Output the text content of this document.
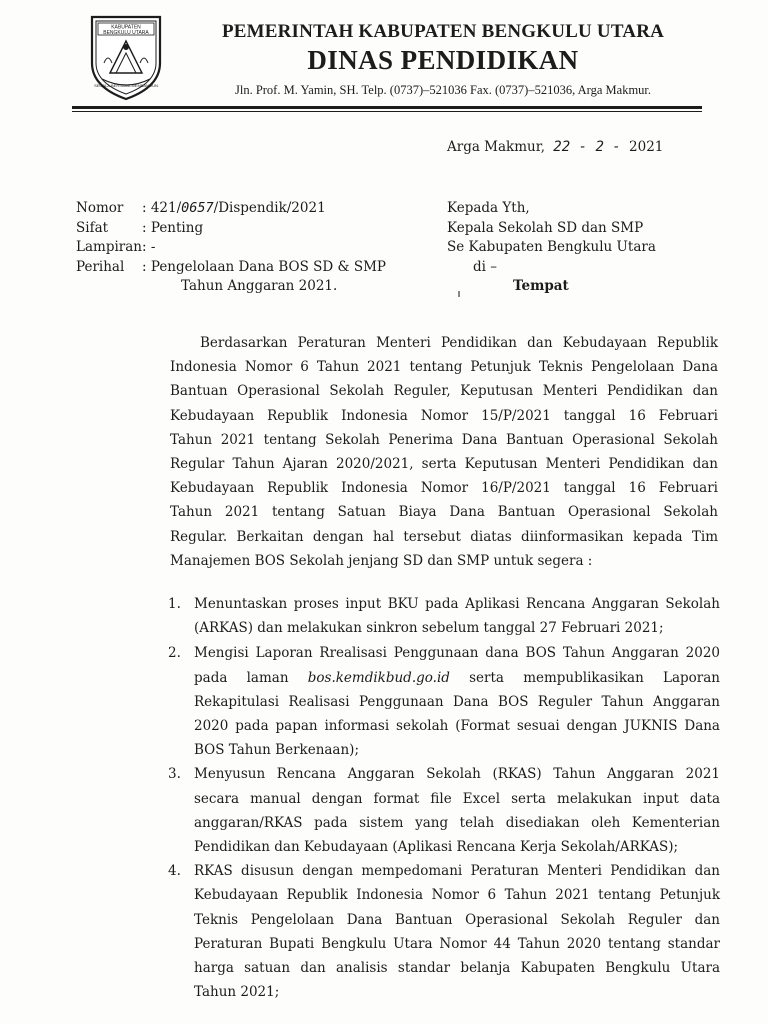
KABUPATEN
BENGKULU UTARA
SEGALA BERSAMA MEMBANGUN
PEMERINTAH KABUPATEN BENGKULU UTARA
DINAS PENDIDIKAN
Jln. Prof. M. Yamin, SH. Telp. (0737)–521036 Fax. (0737)–521036, Arga Makmur.
Arga Makmur, 22 - 2 - 2021
Nomor	: 421/0657/Dispendik/2021
Sifat	: Penting
Lampiran : -
Perihal	: Pengelolaan Dana BOS SD & SMP
Tahun Anggaran 2021.
Kepada Yth,
Kepala Sekolah SD dan SMP
Se Kabupaten Bengkulu Utara
di –
Tempat
Berdasarkan Peraturan Menteri Pendidikan dan Kebudayaan Republik
Indonesia Nomor 6 Tahun 2021 tentang Petunjuk Teknis Pengelolaan Dana
Bantuan Operasional Sekolah Reguler, Keputusan Menteri Pendidikan dan
Kebudayaan Republik Indonesia Nomor 15/P/2021 tanggal 16 Februari
Tahun 2021 tentang Sekolah Penerima Dana Bantuan Operasional Sekolah
Regular Tahun Ajaran 2020/2021, serta Keputusan Menteri Pendidikan dan
Kebudayaan Republik Indonesia Nomor 16/P/2021 tanggal 16 Februari
Tahun 2021 tentang Satuan Biaya Dana Bantuan Operasional Sekolah
Regular. Berkaitan dengan hal tersebut diatas diinformasikan kepada Tim
Manajemen BOS Sekolah jenjang SD dan SMP untuk segera :
1. Menuntaskan proses input BKU pada Aplikasi Rencana Anggaran Sekolah
(ARKAS) dan melakukan sinkron sebelum tanggal 27 Februari 2021;
2. Mengisi Laporan Rrealisasi Penggunaan dana BOS Tahun Anggaran 2020
pada laman bos.kemdikbud.go.id serta mempublikasikan Laporan
Rekapitulasi Realisasi Penggunaan Dana BOS Reguler Tahun Anggaran
2020 pada papan informasi sekolah (Format sesuai dengan JUKNIS Dana
BOS Tahun Berkenaan);
3. Menyusun Rencana Anggaran Sekolah (RKAS) Tahun Anggaran 2021
secara manual dengan format file Excel serta melakukan input data
anggaran/RKAS pada sistem yang telah disediakan oleh Kementerian
Pendidikan dan Kebudayaan (Aplikasi Rencana Kerja Sekolah/ARKAS);
4. RKAS disusun dengan mempedomani Peraturan Menteri Pendidikan dan
Kebudayaan Republik Indonesia Nomor 6 Tahun 2021 tentang Petunjuk
Teknis Pengelolaan Dana Bantuan Operasional Sekolah Reguler dan
Peraturan Bupati Bengkulu Utara Nomor 44 Tahun 2020 tentang standar
harga satuan dan analisis standar belanja Kabupaten Bengkulu Utara
Tahun 2021;
